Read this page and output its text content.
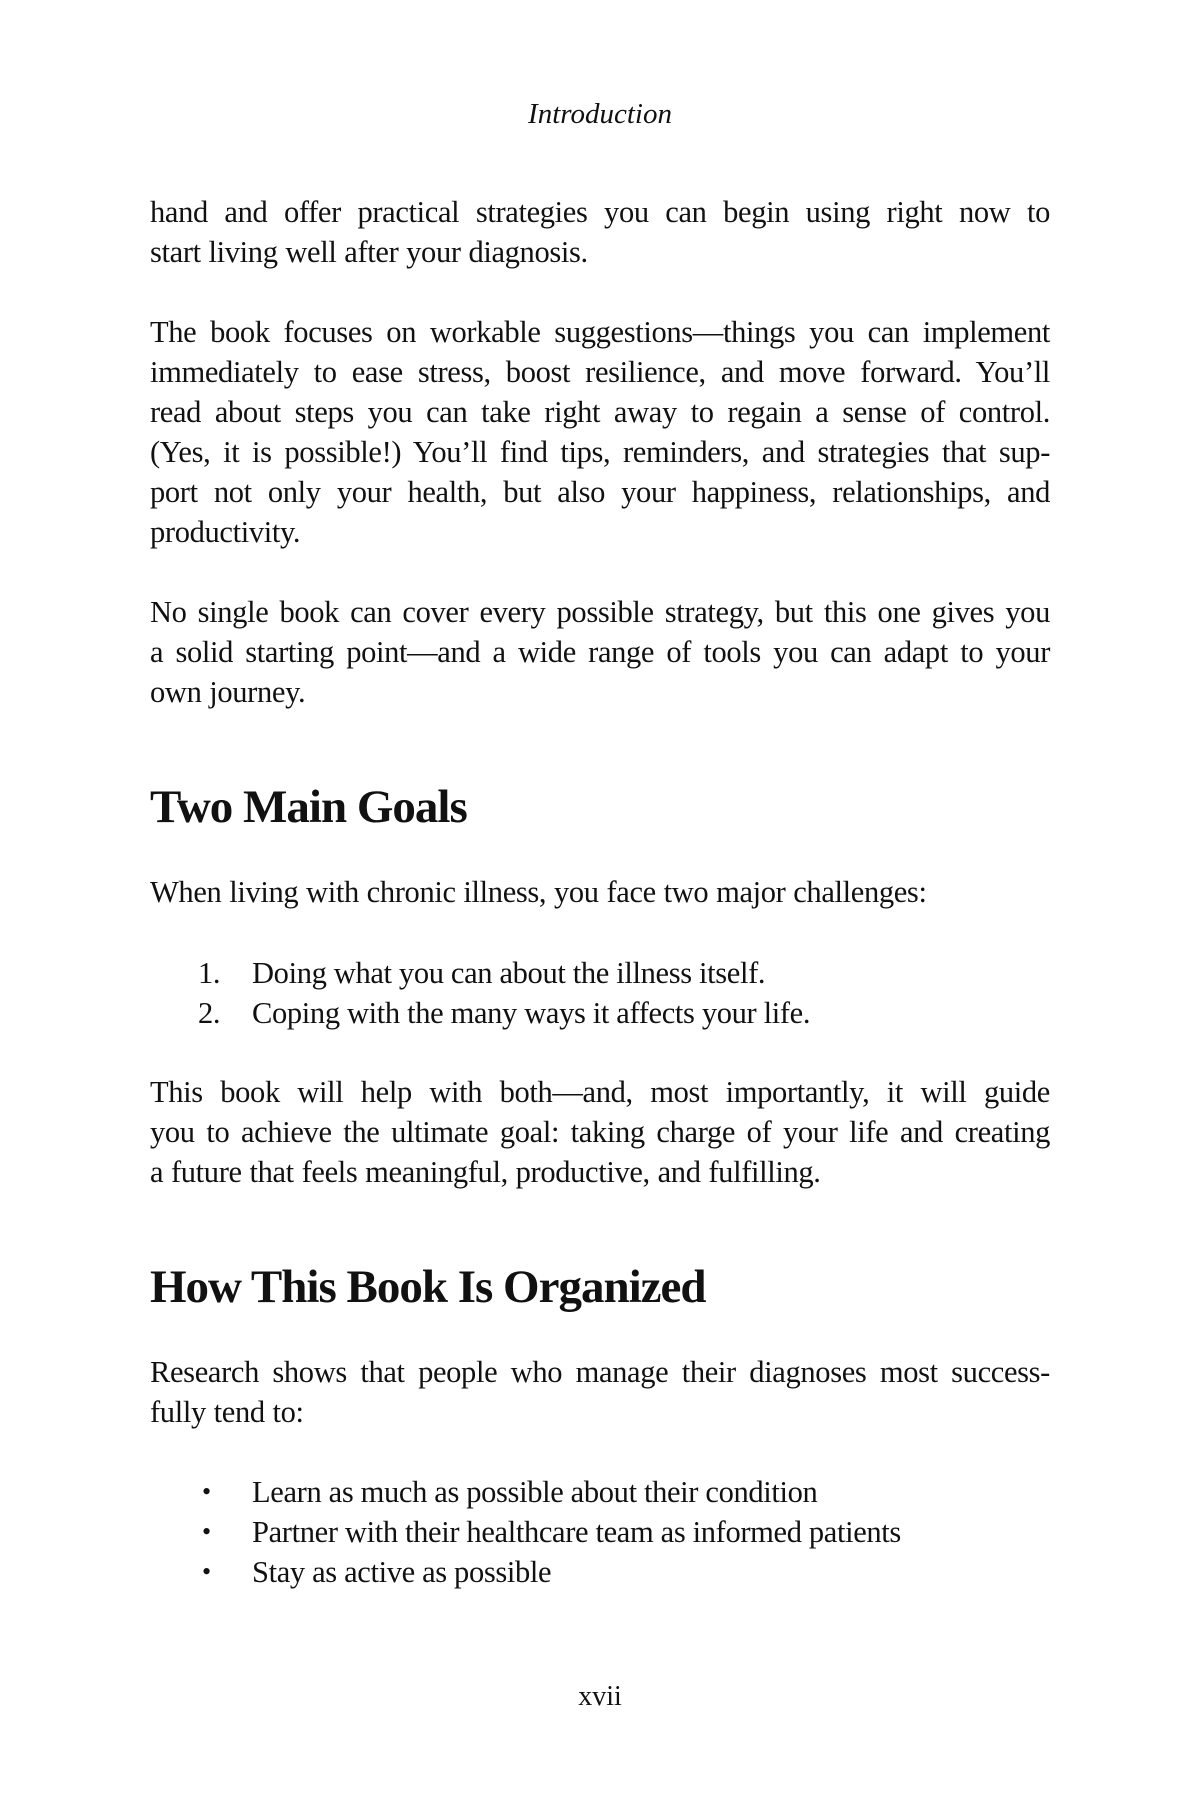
Introduction

hand and offer practical strategies you can begin using right now to
start living well after your diagnosis.

The book focuses on workable suggestions—things you can implement
immediately to ease stress, boost resilience, and move forward. You’ll
read about steps you can take right away to regain a sense of control.
(Yes, it is possible!) You’ll find tips, reminders, and strategies that sup-
port not only your health, but also your happiness, relationships, and
productivity.

No single book can cover every possible strategy, but this one gives you
a solid starting point—and a wide range of tools you can adapt to your
own journey.

Two Main Goals

When living with chronic illness, you face two major challenges:

1. Doing what you can about the illness itself.
2. Coping with the many ways it affects your life.

This book will help with both—and, most importantly, it will guide
you to achieve the ultimate goal: taking charge of your life and creating
a future that feels meaningful, productive, and fulfilling.

How This Book Is Organized

Research shows that people who manage their diagnoses most success-
fully tend to:

• Learn as much as possible about their condition
• Partner with their healthcare team as informed patients
• Stay as active as possible
xvii
